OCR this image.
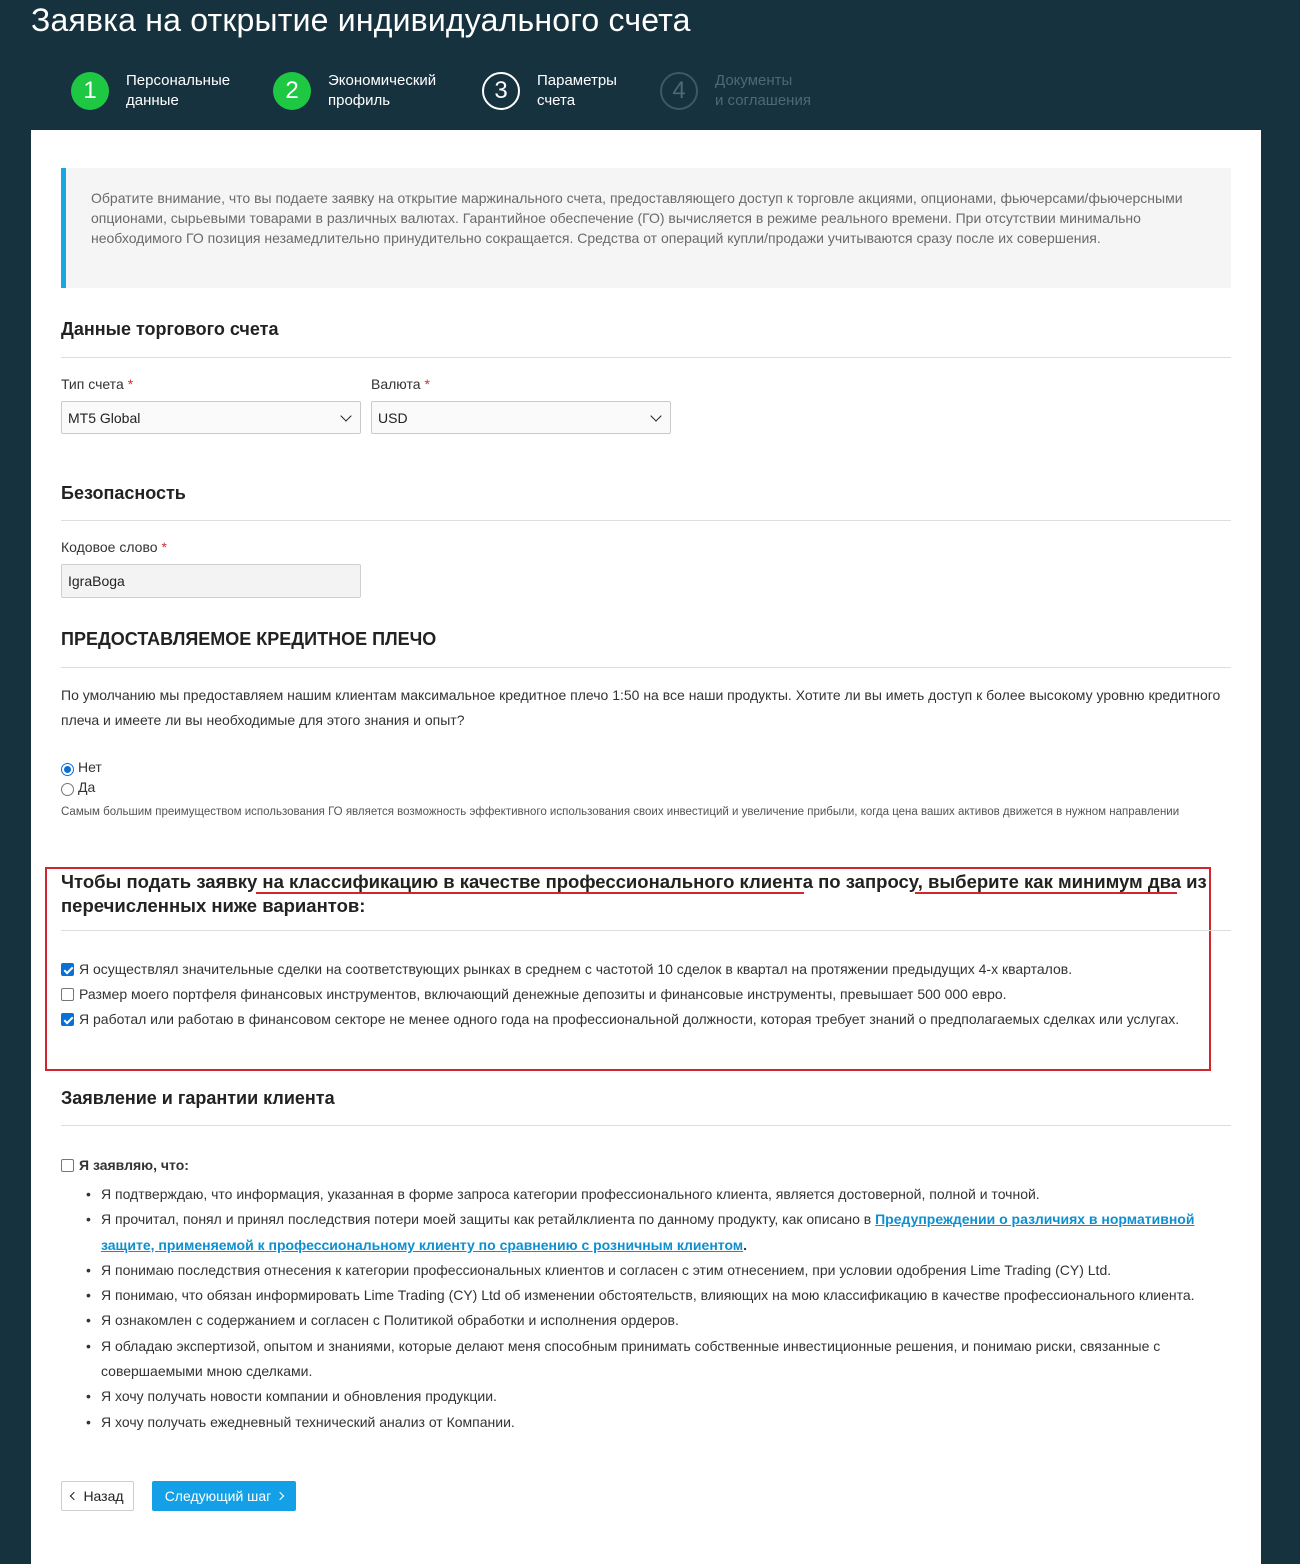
Заявка на открытие индивидуального счета
1	Персональные
данные	2	Экономический
профиль	3	Параметры
счета	4	Документы
и соглашения
Обратите внимание, что вы подаете заявку на открытие маржинального счета, предоставляющего доступ к торговле акциями, опционами, фьючерсами/фьючерсными опционами, сырьевыми товарами в различных валютах. Гарантийное обеспечение (ГО) вычисляется в режиме реального времени. При отсутствии минимально необходимого ГО позиция незамедлительно принудительно сокращается. Средства от операций купли/продажи учитываются сразу после их совершения.
Данные торгового счета
Тип счета *
MT5 Global
Валюта *
USD
Безопасность
Кодовое слово *
IgraBoga
ПРЕДОСТАВЛЯЕМОЕ КРЕДИТНОЕ ПЛЕЧО
По умолчанию мы предоставляем нашим клиентам максимальное кредитное плечо 1:50 на все наши продукты. Хотите ли вы иметь доступ к более высокому уровню кредитного плеча и имеете ли вы необходимые для этого знания и опыт?
Нет
Да
Самым большим преимуществом использования ГО является возможность эффективного использования своих инвестиций и увеличение прибыли, когда цена ваших активов движется в нужном направлении
Чтобы подать заявку на классификацию в качестве профессионального клиента по запросу, выберите как минимум два из перечисленных ниже вариантов:
Я осуществлял значительные сделки на соответствующих рынках в среднем с частотой 10 сделок в квартал на протяжении предыдущих 4-х кварталов.
Размер моего портфеля финансовых инструментов, включающий денежные депозиты и финансовые инструменты, превышает 500 000 евро.
Я работал или работаю в финансовом секторе не менее одного года на профессиональной должности, которая требует знаний о предполагаемых сделках или услугах.
Заявление и гарантии клиента
Я заявляю, что:
• Я подтверждаю, что информация, указанная в форме запроса категории профессионального клиента, является достоверной, полной и точной.
• Я прочитал, понял и принял последствия потери моей защиты как ретайлклиента по данному продукту, как описано в Предупреждении о различиях в нормативной защите, применяемой к профессиональному клиенту по сравнению с розничным клиентом.
• Я понимаю последствия отнесения к категории профессиональных клиентов и согласен с этим отнесением, при условии одобрения Lime Trading (CY) Ltd.
• Я понимаю, что обязан информировать Lime Trading (CY) Ltd об изменении обстоятельств, влияющих на мою классификацию в качестве профессионального клиента.
• Я ознакомлен с содержанием и согласен с Политикой обработки и исполнения ордеров.
• Я обладаю экспертизой, опытом и знаниями, которые делают меня способным принимать собственные инвестиционные решения, и понимаю риски, связанные с совершаемыми мною сделками.
• Я хочу получать новости компании и обновления продукции.
• Я хочу получать ежедневный технический анализ от Компании.
Назад	Следующий шаг
